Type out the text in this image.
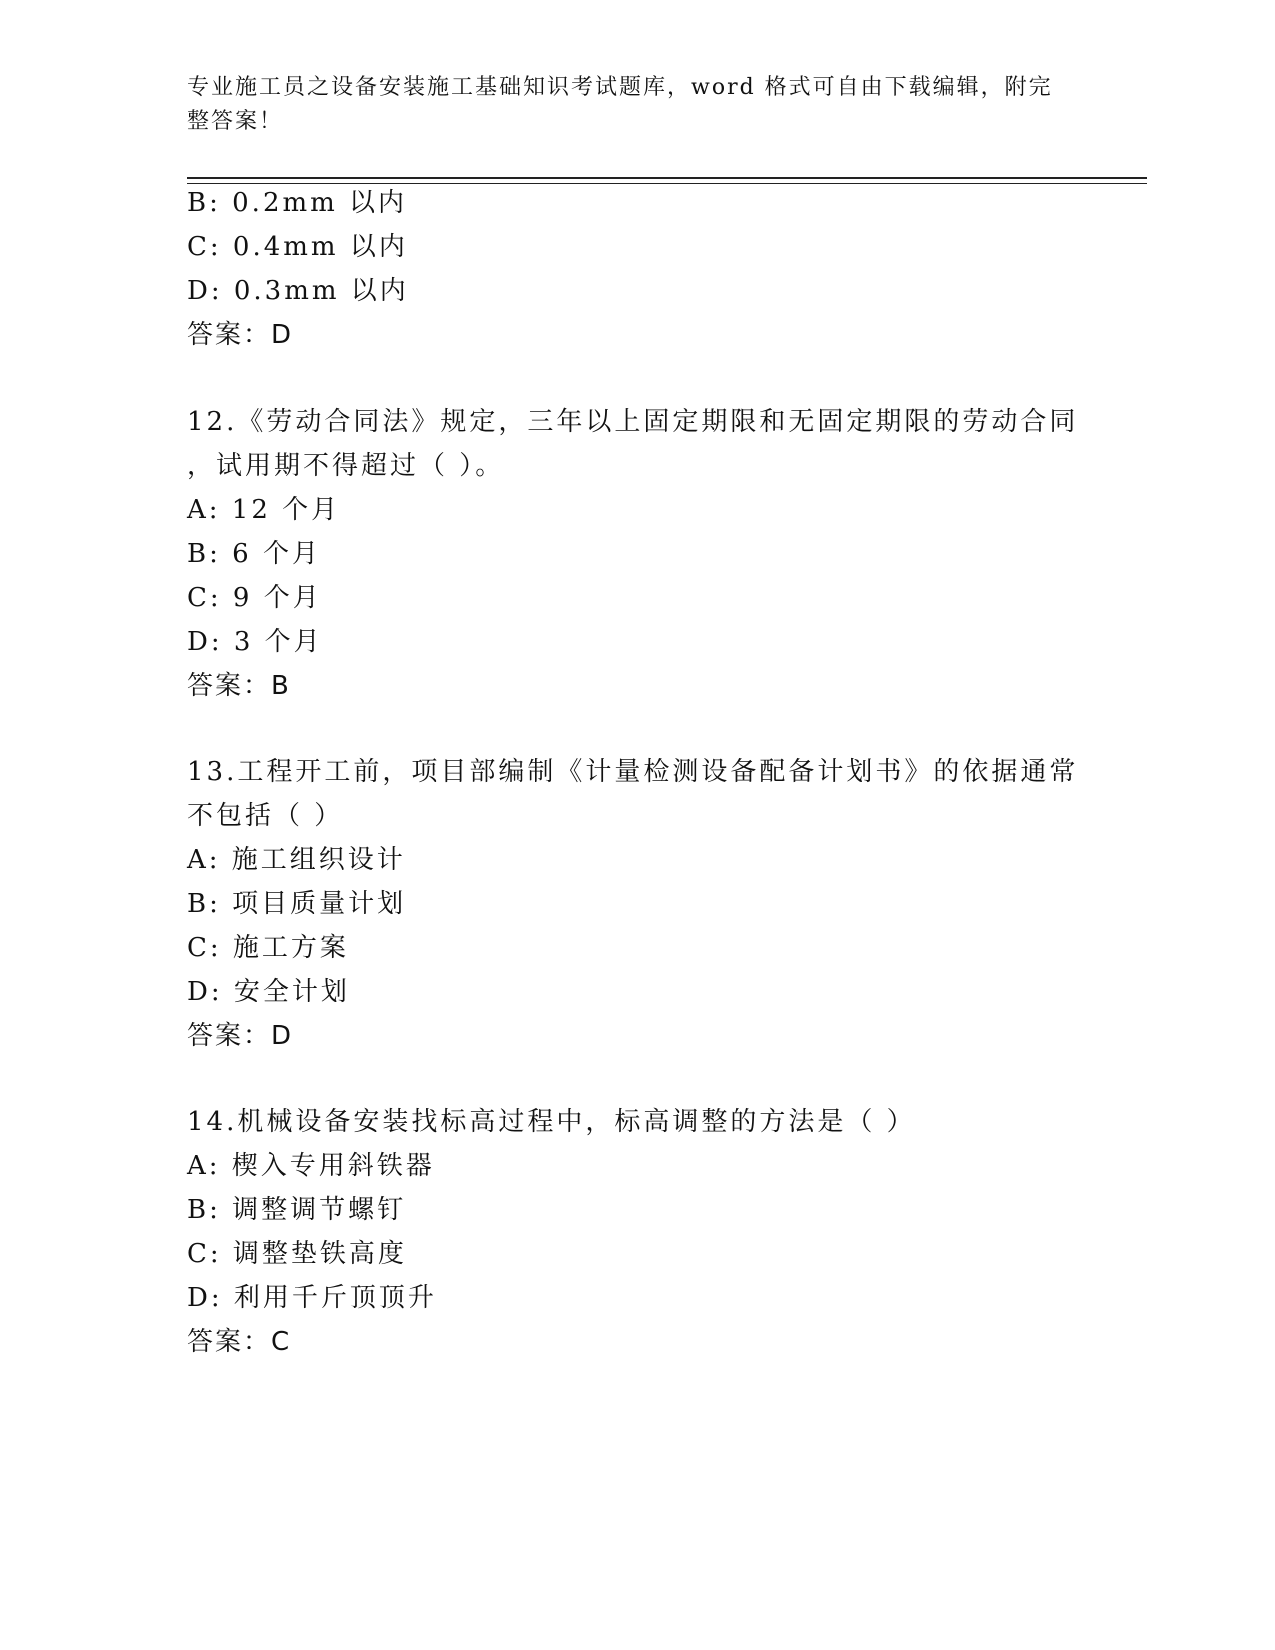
专业施工员之设备安装施工基础知识考试题库，word 格式可自由下载编辑，附完
整答案！
B: 0.2mm 以内
C: 0.4mm 以内
D: 0.3mm 以内
答案：D
12.《劳动合同法》规定，三年以上固定期限和无固定期限的劳动合同
，试用期不得超过（ ）。
A: 12 个月
B: 6 个月
C: 9 个月
D: 3 个月
答案：B
13.工程开工前，项目部编制《计量检测设备配备计划书》的依据通常
不包括（ ）
A: 施工组织设计
B: 项目质量计划
C: 施工方案
D: 安全计划
答案：D
14.机械设备安装找标高过程中，标高调整的方法是（ ）
A: 楔入专用斜铁器
B: 调整调节螺钉
C: 调整垫铁高度
D: 利用千斤顶顶升
答案：C
